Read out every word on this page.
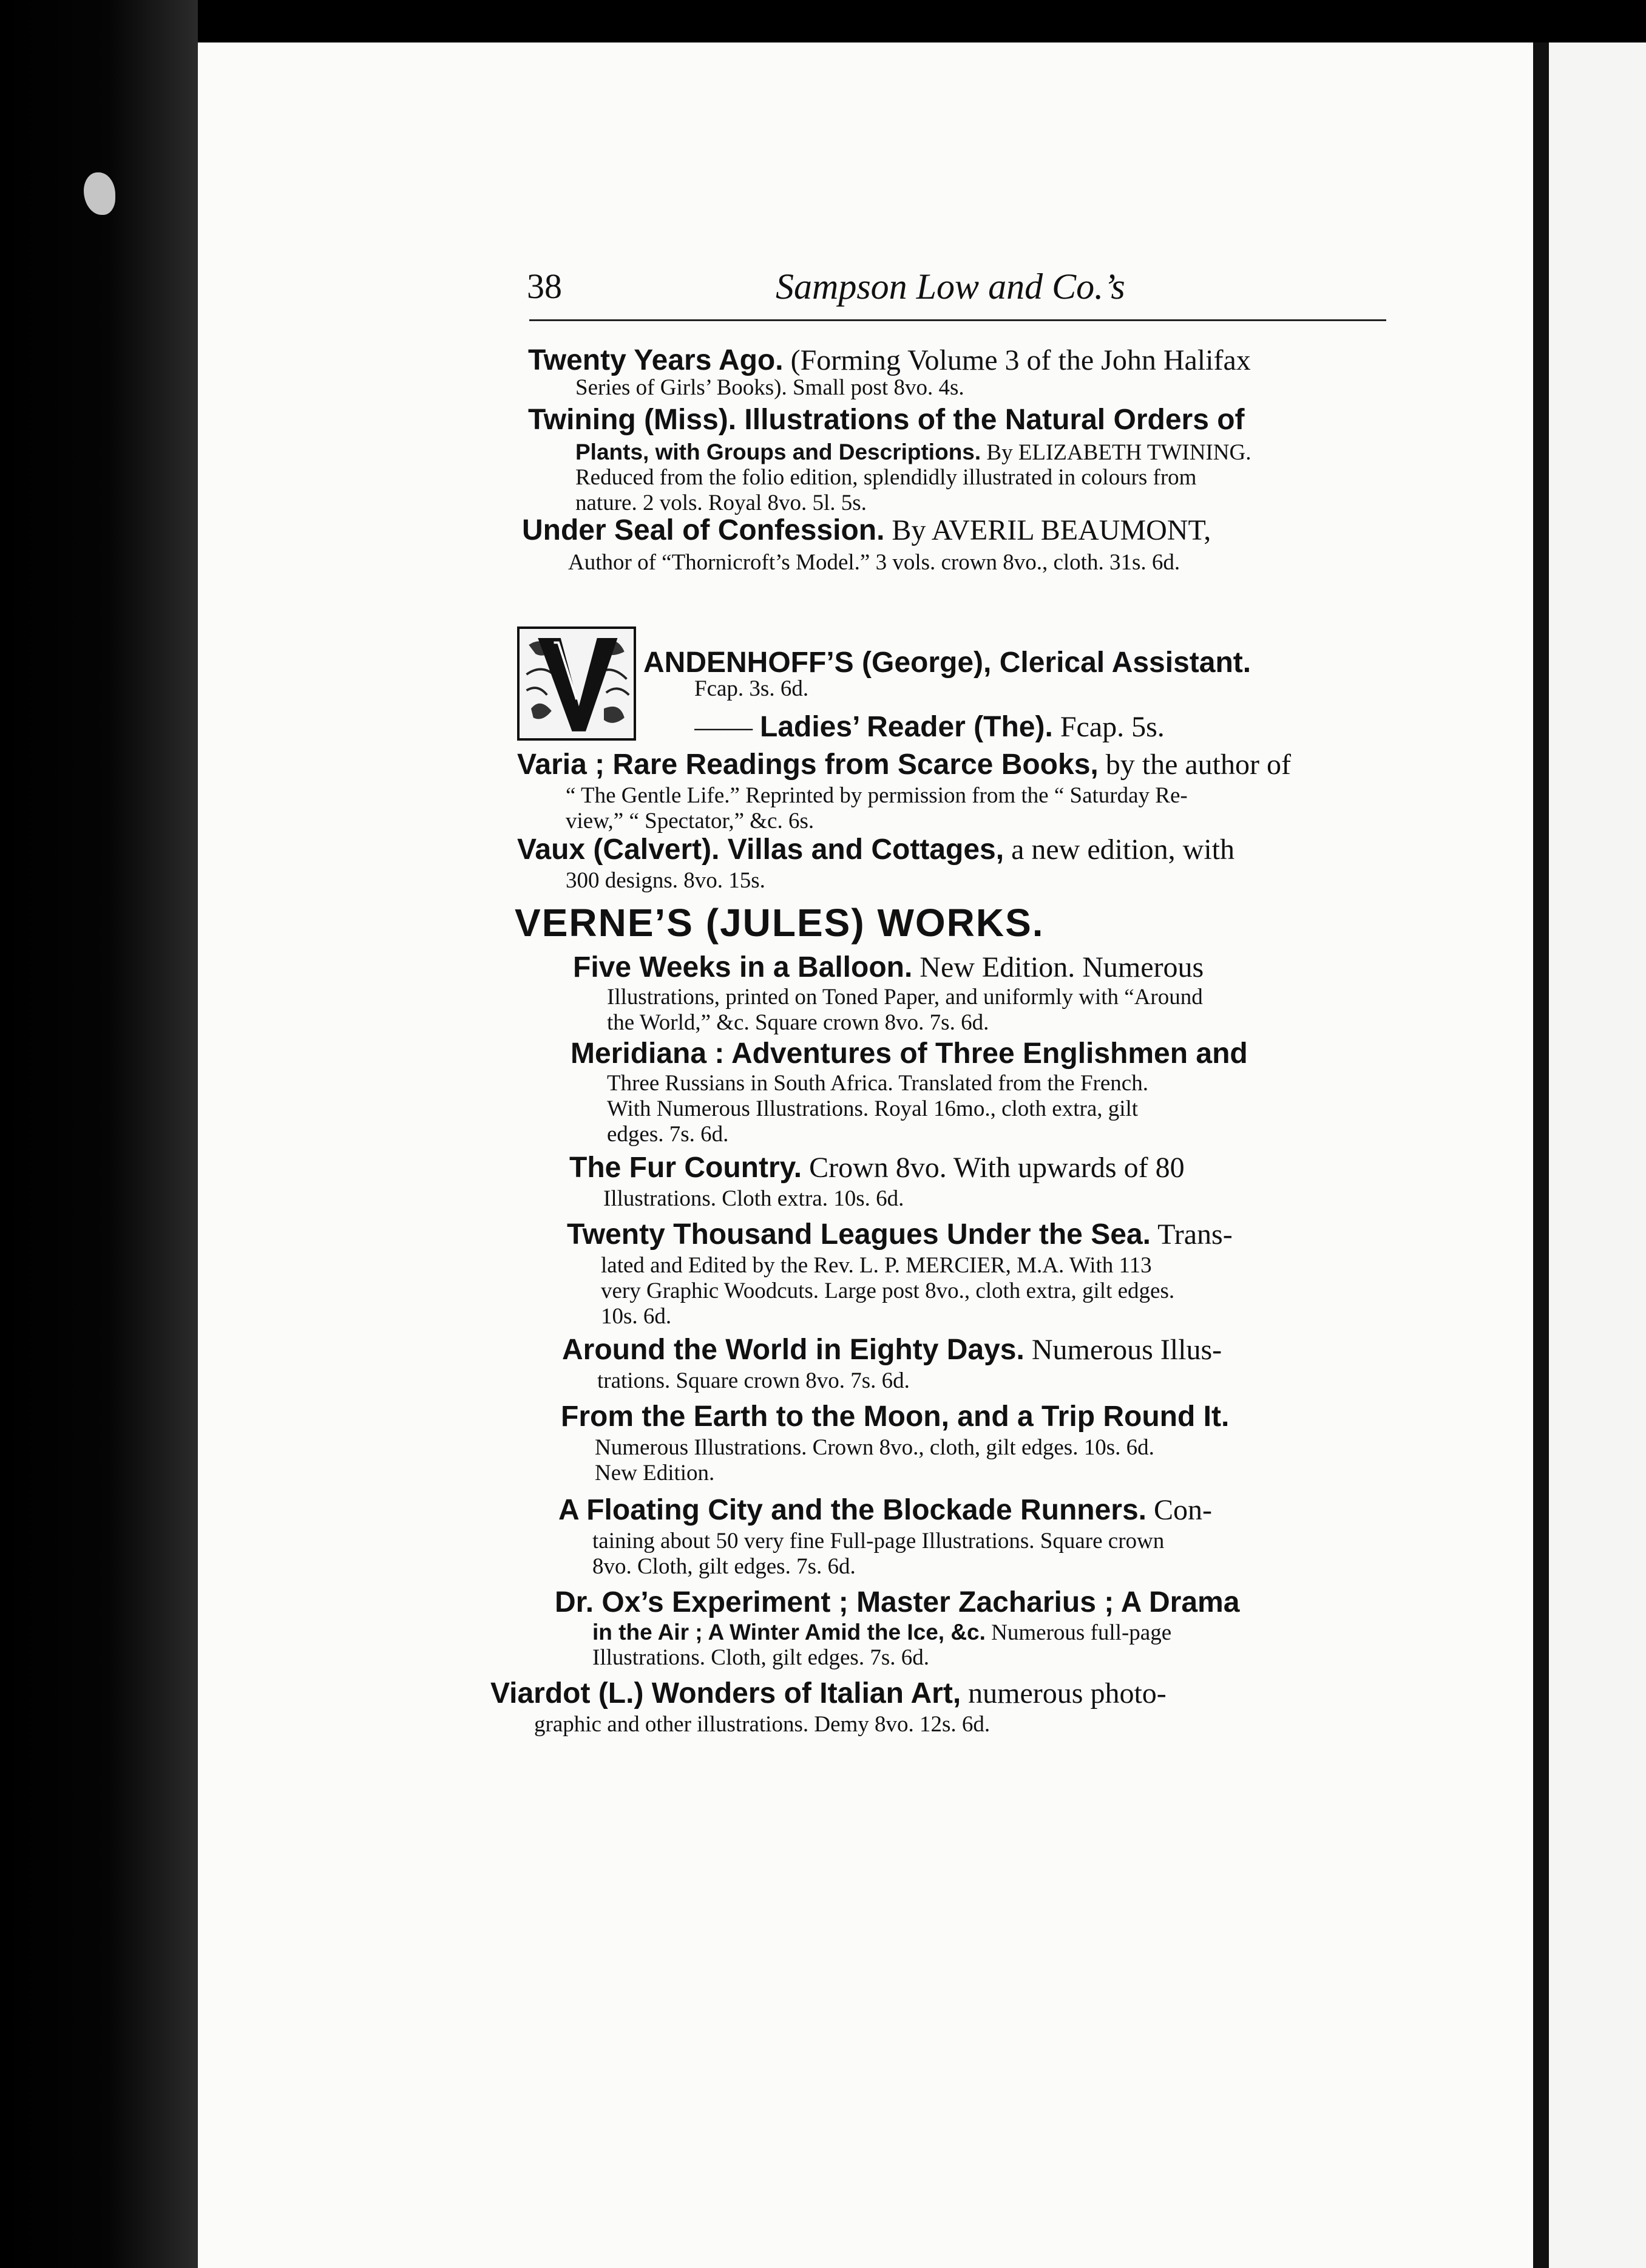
38	Sampson Low and Co.’s
Twenty Years Ago. (Forming Volume 3 of the John Halifax
Series of Girls’ Books). Small post 8vo. 4s.
Twining (Miss). Illustrations of the Natural Orders of
Plants, with Groups and Descriptions. By ELIZABETH TWINING.
Reduced from the folio edition, splendidly illustrated in colours from
nature. 2 vols. Royal 8vo. 5l. 5s.
Under Seal of Confession. By AVERIL BEAUMONT,
Author of “Thornicroft’s Model.” 3 vols. crown 8vo., cloth. 31s. 6d.
ANDENHOFF’S (George), Clerical Assistant.
Fcap. 3s. 6d.
—— Ladies’ Reader (The). Fcap. 5s.
Varia ; Rare Readings from Scarce Books, by the author of
“ The Gentle Life.” Reprinted by permission from the “ Saturday Re-
view,” “ Spectator,” &c. 6s.
Vaux (Calvert). Villas and Cottages, a new edition, with
300 designs. 8vo. 15s.
VERNE’S (JULES) WORKS.
Five Weeks in a Balloon. New Edition. Numerous
Illustrations, printed on Toned Paper, and uniformly with “Around
the World,” &c. Square crown 8vo. 7s. 6d.
Meridiana : Adventures of Three Englishmen and
Three Russians in South Africa. Translated from the French.
With Numerous Illustrations. Royal 16mo., cloth extra, gilt
edges. 7s. 6d.
The Fur Country. Crown 8vo. With upwards of 80
Illustrations. Cloth extra. 10s. 6d.
Twenty Thousand Leagues Under the Sea. Trans-
lated and Edited by the Rev. L. P. MERCIER, M.A. With 113
very Graphic Woodcuts. Large post 8vo., cloth extra, gilt edges.
10s. 6d.
Around the World in Eighty Days. Numerous Illus-
trations. Square crown 8vo. 7s. 6d.
From the Earth to the Moon, and a Trip Round It.
Numerous Illustrations. Crown 8vo., cloth, gilt edges. 10s. 6d.
New Edition.
A Floating City and the Blockade Runners. Con-
taining about 50 very fine Full-page Illustrations. Square crown
8vo. Cloth, gilt edges. 7s. 6d.
Dr. Ox’s Experiment ; Master Zacharius ; A Drama
in the Air ; A Winter Amid the Ice, &c. Numerous full-page
Illustrations. Cloth, gilt edges. 7s. 6d.
Viardot (L.) Wonders of Italian Art, numerous photo-
graphic and other illustrations. Demy 8vo. 12s. 6d.
